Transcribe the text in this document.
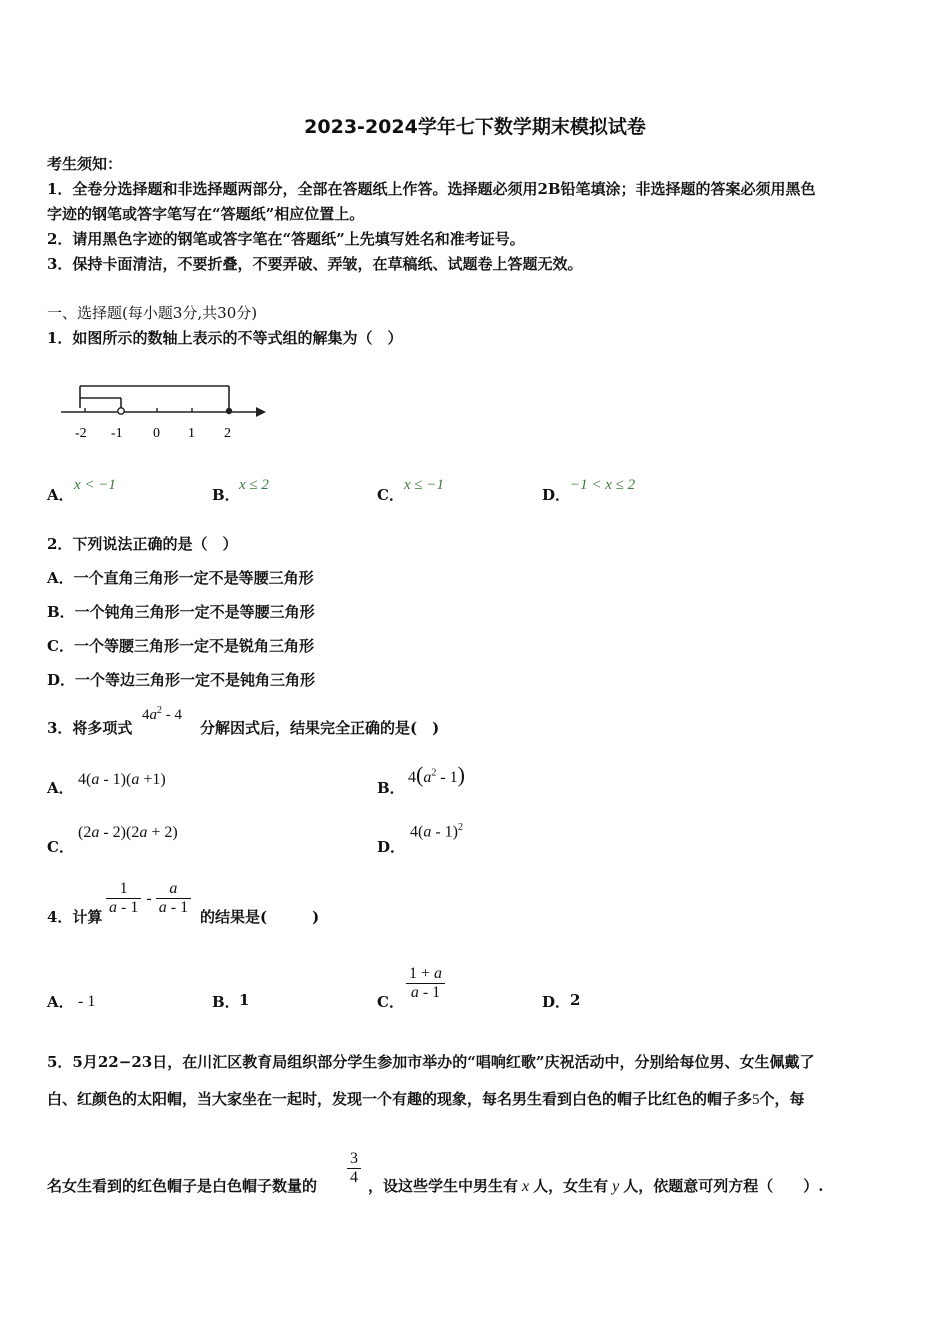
2023-2024学年七下数学期末模拟试卷
考生须知：
1．全卷分选择题和非选择题两部分，全部在答题纸上作答。选择题必须用2B铅笔填涂；非选择题的答案必须用黑色
字迹的钢笔或答字笔写在“答题纸”相应位置上。
2．请用黑色字迹的钢笔或答字笔在“答题纸”上先填写姓名和准考证号。
3．保持卡面清洁，不要折叠，不要弄破、弄皱，在草稿纸、试题卷上答题无效。
一、选择题(每小题3分,共30分)
1．如图所示的数轴上表示的不等式组的解集为（　）
-2 -1 0 1 2
A．
x < −1
B．
x ≤ 2
C．
x ≤ −1
D．
−1 < x ≤ 2
2．下列说法正确的是（　）
A．一个直角三角形一定不是等腰三角形
B．一个钝角三角形一定不是等腰三角形
C．一个等腰三角形一定不是锐角三角形
D．一个等边三角形一定不是钝角三角形
3．将多项式
$4a^2 - 4$
分解因式后，结果完全正确的是(　)
A． 4(a - 1)(a +1)	B．
$4(a^2 - 1)$
C．
(2a - 2)(2a + 2)
D．
4(a - 1)$^2$
4．计算 $\frac{1}{a - 1} - \frac{a}{a - 1}$ 的结果是(　　　)
A． - 1	B． 1	C． $\frac{1 + a}{a - 1}$	D． 2
5．5月22−23日，在川汇区教育局组织部分学生参加市举办的“唱响红歌”庆祝活动中，分别给每位男、女生佩戴了
白、红颜色的太阳帽，当大家坐在一起时，发现一个有趣的现象，每名男生看到白色的帽子比红色的帽子多5个，每
名女生看到的红色帽子是白色帽子数量的 $\frac{3}{4}$ ，设这些学生中男生有 x 人，女生有 y 人，依题意可列方程（　　）.
